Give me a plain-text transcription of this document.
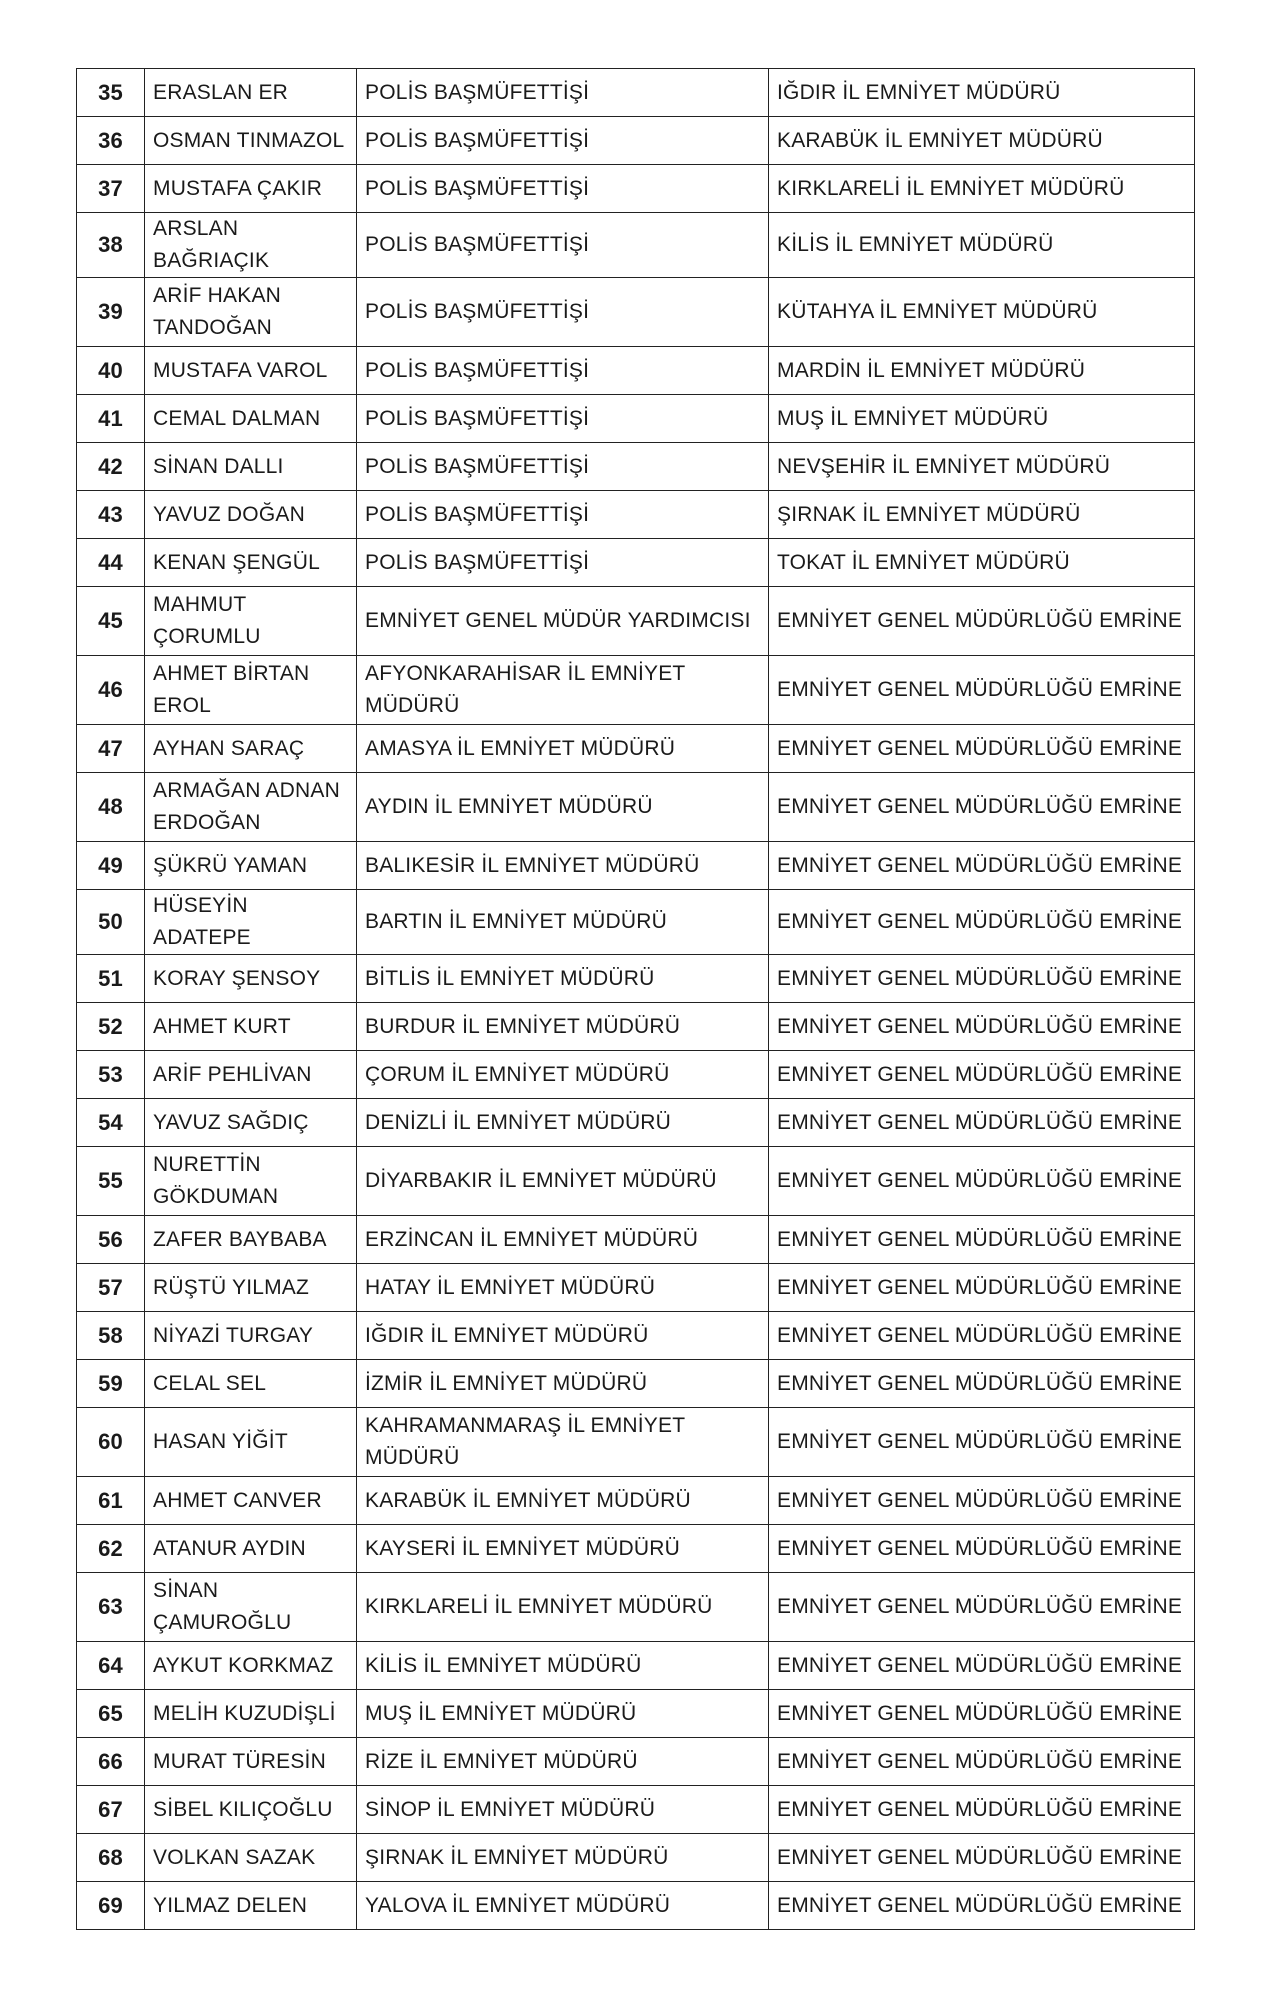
35	ERASLAN ER	POLİS BAŞMÜFETTİŞİ	IĞDIR İL EMNİYET MÜDÜRÜ
36	OSMAN TINMAZOL	POLİS BAŞMÜFETTİŞİ	KARABÜK İL EMNİYET MÜDÜRÜ
37	MUSTAFA ÇAKIR	POLİS BAŞMÜFETTİŞİ	KIRKLARELİ İL EMNİYET MÜDÜRÜ
38	ARSLAN BAĞRIAÇIK	POLİS BAŞMÜFETTİŞİ	KİLİS İL EMNİYET MÜDÜRÜ
39	ARİF HAKAN TANDOĞAN	POLİS BAŞMÜFETTİŞİ	KÜTAHYA İL EMNİYET MÜDÜRÜ
40	MUSTAFA VAROL	POLİS BAŞMÜFETTİŞİ	MARDİN İL EMNİYET MÜDÜRÜ
41	CEMAL DALMAN	POLİS BAŞMÜFETTİŞİ	MUŞ İL EMNİYET MÜDÜRÜ
42	SİNAN DALLI	POLİS BAŞMÜFETTİŞİ	NEVŞEHİR İL EMNİYET MÜDÜRÜ
43	YAVUZ DOĞAN	POLİS BAŞMÜFETTİŞİ	ŞIRNAK İL EMNİYET MÜDÜRÜ
44	KENAN ŞENGÜL	POLİS BAŞMÜFETTİŞİ	TOKAT İL EMNİYET MÜDÜRÜ
45	MAHMUT ÇORUMLU	EMNİYET GENEL MÜDÜR YARDIMCISI	EMNİYET GENEL MÜDÜRLÜĞÜ EMRİNE
46	AHMET BİRTAN EROL	AFYONKARAHİSAR İL EMNİYET MÜDÜRÜ	EMNİYET GENEL MÜDÜRLÜĞÜ EMRİNE
47	AYHAN SARAÇ	AMASYA İL EMNİYET MÜDÜRÜ	EMNİYET GENEL MÜDÜRLÜĞÜ EMRİNE
48	ARMAĞAN ADNAN ERDOĞAN	AYDIN İL EMNİYET MÜDÜRÜ	EMNİYET GENEL MÜDÜRLÜĞÜ EMRİNE
49	ŞÜKRÜ YAMAN	BALIKESİR İL EMNİYET MÜDÜRÜ	EMNİYET GENEL MÜDÜRLÜĞÜ EMRİNE
50	HÜSEYİN ADATEPE	BARTIN İL EMNİYET MÜDÜRÜ	EMNİYET GENEL MÜDÜRLÜĞÜ EMRİNE
51	KORAY ŞENSOY	BİTLİS İL EMNİYET MÜDÜRÜ	EMNİYET GENEL MÜDÜRLÜĞÜ EMRİNE
52	AHMET KURT	BURDUR İL EMNİYET MÜDÜRÜ	EMNİYET GENEL MÜDÜRLÜĞÜ EMRİNE
53	ARİF PEHLİVAN	ÇORUM İL EMNİYET MÜDÜRÜ	EMNİYET GENEL MÜDÜRLÜĞÜ EMRİNE
54	YAVUZ SAĞDIÇ	DENİZLİ İL EMNİYET MÜDÜRÜ	EMNİYET GENEL MÜDÜRLÜĞÜ EMRİNE
55	NURETTİN GÖKDUMAN	DİYARBAKIR İL EMNİYET MÜDÜRÜ	EMNİYET GENEL MÜDÜRLÜĞÜ EMRİNE
56	ZAFER BAYBABA	ERZİNCAN İL EMNİYET MÜDÜRÜ	EMNİYET GENEL MÜDÜRLÜĞÜ EMRİNE
57	RÜŞTÜ YILMAZ	HATAY İL EMNİYET MÜDÜRÜ	EMNİYET GENEL MÜDÜRLÜĞÜ EMRİNE
58	NİYAZİ TURGAY	IĞDIR İL EMNİYET MÜDÜRÜ	EMNİYET GENEL MÜDÜRLÜĞÜ EMRİNE
59	CELAL SEL	İZMİR İL EMNİYET MÜDÜRÜ	EMNİYET GENEL MÜDÜRLÜĞÜ EMRİNE
60	HASAN YİĞİT	KAHRAMANMARAŞ İL EMNİYET MÜDÜRÜ	EMNİYET GENEL MÜDÜRLÜĞÜ EMRİNE
61	AHMET CANVER	KARABÜK İL EMNİYET MÜDÜRÜ	EMNİYET GENEL MÜDÜRLÜĞÜ EMRİNE
62	ATANUR AYDIN	KAYSERİ İL EMNİYET MÜDÜRÜ	EMNİYET GENEL MÜDÜRLÜĞÜ EMRİNE
63	SİNAN ÇAMUROĞLU	KIRKLARELİ İL EMNİYET MÜDÜRÜ	EMNİYET GENEL MÜDÜRLÜĞÜ EMRİNE
64	AYKUT KORKMAZ	KİLİS İL EMNİYET MÜDÜRÜ	EMNİYET GENEL MÜDÜRLÜĞÜ EMRİNE
65	MELİH KUZUDİŞLİ	MUŞ İL EMNİYET MÜDÜRÜ	EMNİYET GENEL MÜDÜRLÜĞÜ EMRİNE
66	MURAT TÜRESİN	RİZE İL EMNİYET MÜDÜRÜ	EMNİYET GENEL MÜDÜRLÜĞÜ EMRİNE
67	SİBEL KILIÇOĞLU	SİNOP İL EMNİYET MÜDÜRÜ	EMNİYET GENEL MÜDÜRLÜĞÜ EMRİNE
68	VOLKAN SAZAK	ŞIRNAK İL EMNİYET MÜDÜRÜ	EMNİYET GENEL MÜDÜRLÜĞÜ EMRİNE
69	YILMAZ DELEN	YALOVA İL EMNİYET MÜDÜRÜ	EMNİYET GENEL MÜDÜRLÜĞÜ EMRİNE
